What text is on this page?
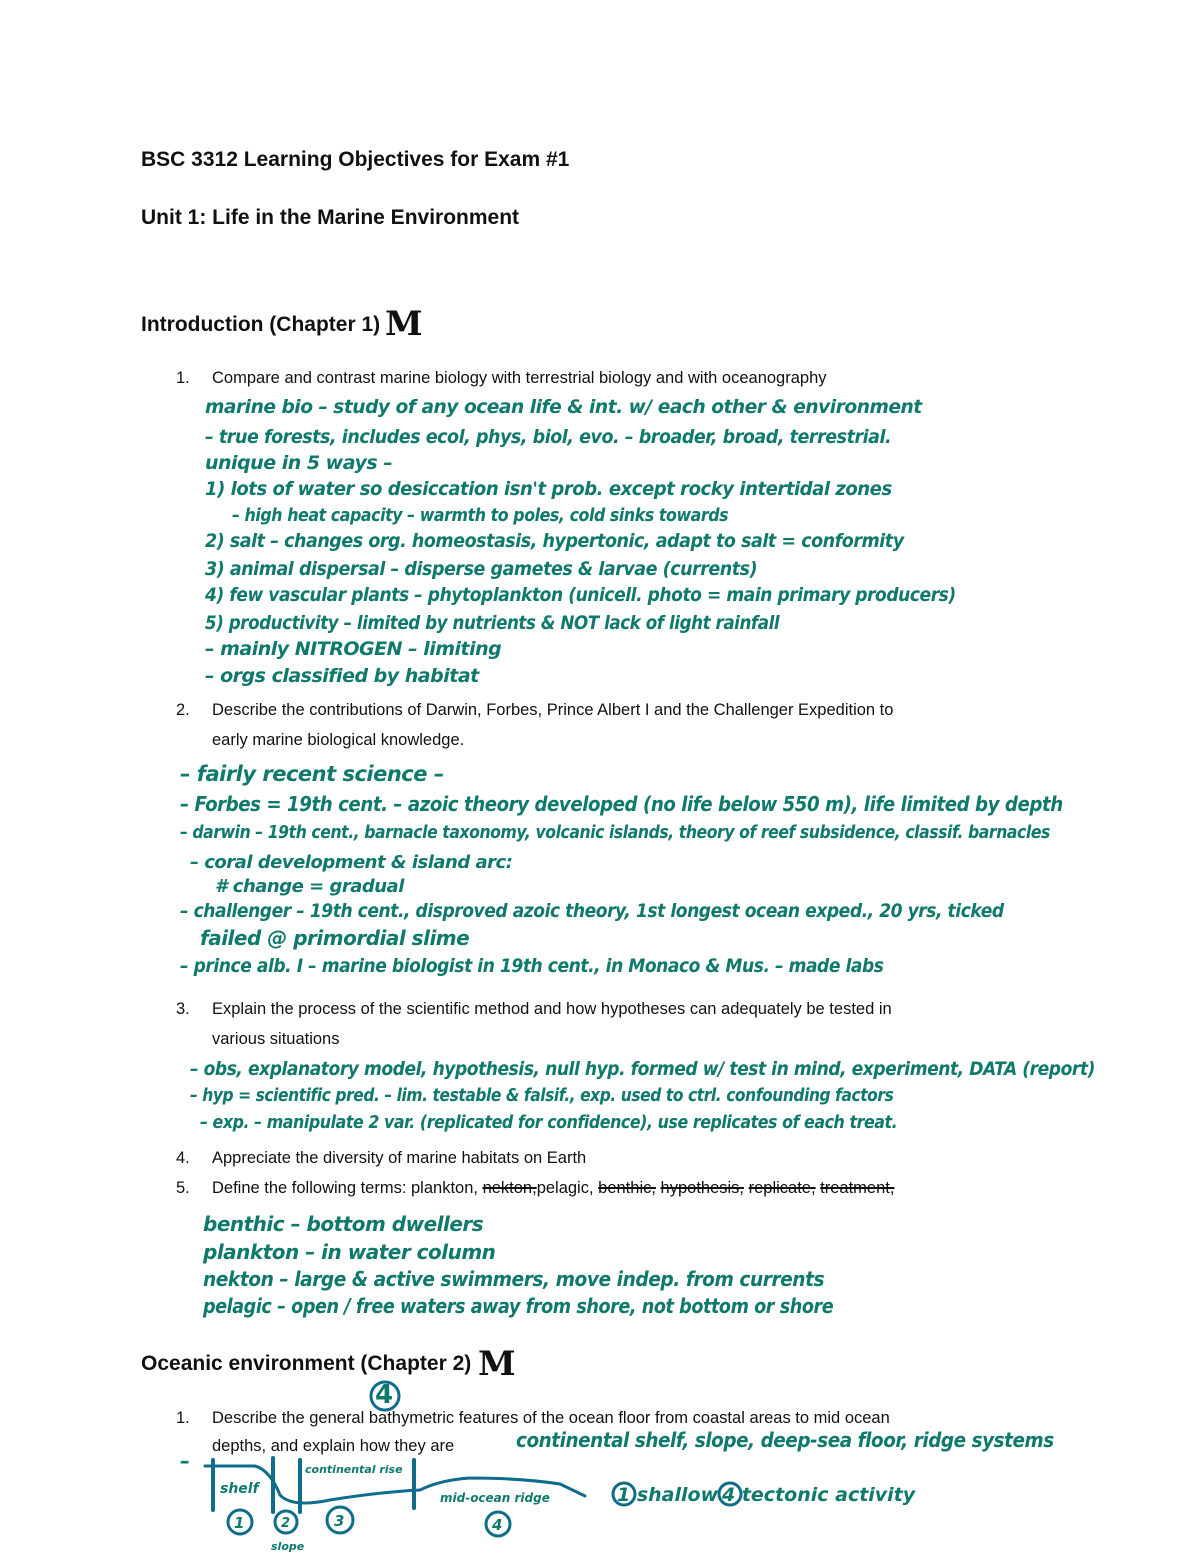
BSC 3312 Learning Objectives for Exam #1
Unit 1: Life in the Marine Environment
Introduction (Chapter 1) M
1. Compare and contrast marine biology with terrestrial biology and with oceanography
marine bio – study of any ocean life & int. w/ each other & environment
– true forests, includes ecol, phys, biol, evo. – broader, broad, terrestrial.
unique in 5 ways –
1) lots of water so desiccation isn't prob. except rocky intertidal zones
– high heat capacity – warmth to poles, cold sinks towards
2) salt – changes org. homeostasis, hypertonic, adapt to salt = conformity
3) animal dispersal – disperse gametes & larvae (currents)
4) few vascular plants – phytoplankton (unicell. photo = main primary producers)
5) productivity – limited by nutrients & NOT lack of light rainfall
– mainly NITROGEN – limiting
– orgs classified by habitat
2. Describe the contributions of Darwin, Forbes, Prince Albert I and the Challenger Expedition to
early marine biological knowledge.
– fairly recent science –
– Forbes = 19th cent. – azoic theory developed (no life below 550 m), life limited by depth
– darwin – 19th cent., barnacle taxonomy, volcanic islands, theory of reef subsidence, classif. barnacles
– coral development & island arc:
# change = gradual
– challenger – 19th cent., disproved azoic theory, 1st longest ocean exped., 20 yrs, ticked
failed @ primordial slime
– prince alb. I – marine biologist in 19th cent., in Monaco & Mus. – made labs
3. Explain the process of the scientific method and how hypotheses can adequately be tested in
various situations
– obs, explanatory model, hypothesis, null hyp. formed w/ test in mind, experiment, DATA (report)
– hyp = scientific pred. – lim. testable & falsif., exp. used to ctrl. confounding factors
– exp. – manipulate 2 var. (replicated for confidence), use replicates of each treat.
4. Appreciate the diversity of marine habitats on Earth
5. Define the following terms: plankton, nekton,pelagic, benthic, hypothesis, replicate, treatment,
benthic – bottom dwellers
plankton – in water column
nekton – large & active swimmers, move indep. from currents
pelagic – open / free waters away from shore, not bottom or shore
Oceanic environment (Chapter 2) M
4
1. Describe the general bathymetric features of the ocean floor from coastal areas to mid ocean
depths, and explain how they are	continental shelf, slope, deep-sea floor, ridge systems
–
shelf
continental rise
mid-ocean ridge
slope
1	2	3	4
1 shallow 4 tectonic activity
